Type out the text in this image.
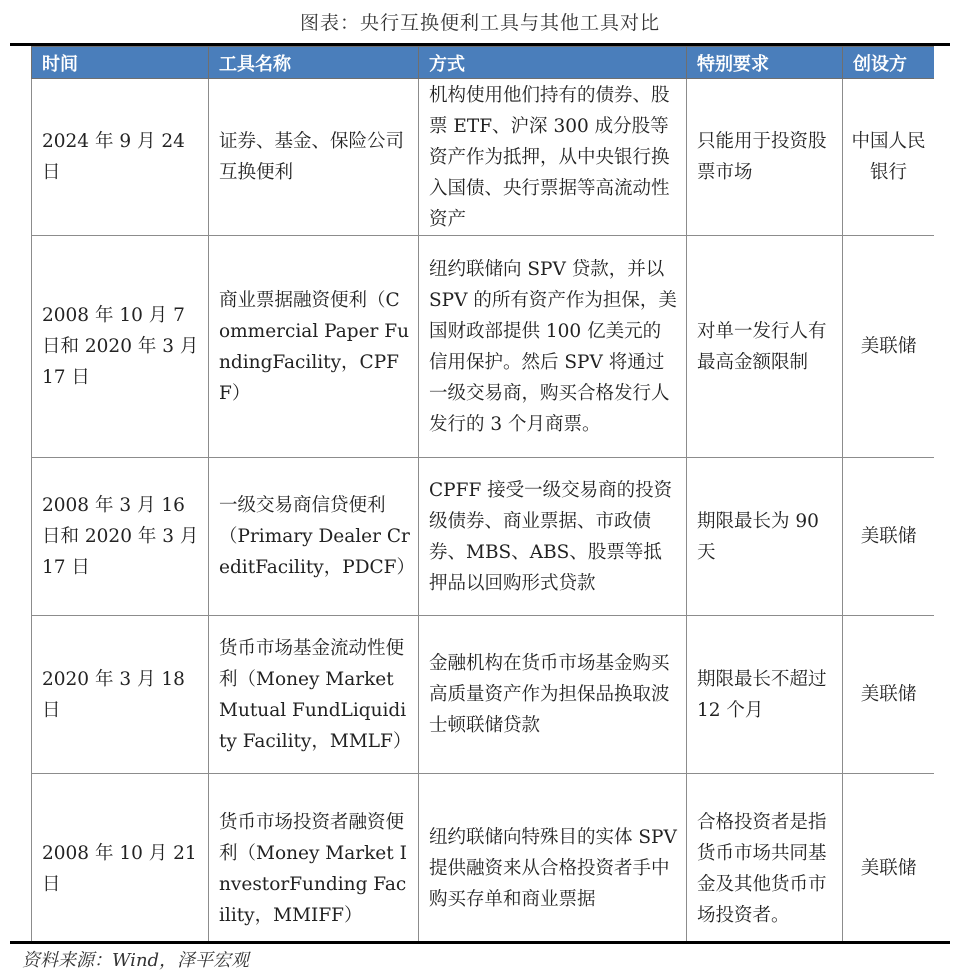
图表：央行互换便利工具与其他工具对比
时间	工具名称	方式	特别要求	创设方
2024 年 9 月 24 日	证券、基金、保险公司互换便利	机构使用他们持有的债券、股票 ETF、沪深 300 成分股等资产作为抵押，从中央银行换入国债、央行票据等高流动性资产	只能用于投资股票市场	中国人民银行
2008 年 10 月 7 日和 2020 年 3 月 17 日	商业票据融资便利（Commercial Paper FundingFacility，CPFF）	纽约联储向 SPV 贷款，并以 SPV 的所有资产作为担保，美国财政部提供 100 亿美元的信用保护。然后 SPV 将通过一级交易商，购买合格发行人发行的 3 个月商票。	对单一发行人有最高金额限制	美联储
2008 年 3 月 16 日和 2020 年 3 月 17 日	一级交易商信贷便利（Primary Dealer CreditFacility，PDCF）	CPFF 接受一级交易商的投资级债券、商业票据、市政债券、MBS、ABS、股票等抵押品以回购形式贷款	期限最长为 90 天	美联储
2020 年 3 月 18 日	货币市场基金流动性便利（Money Market Mutual FundLiquidity Facility，MMLF）	金融机构在货币市场基金购买高质量资产作为担保品换取波士顿联储贷款	期限最长不超过 12 个月	美联储
2008 年 10 月 21 日	货币市场投资者融资便利（Money Market InvestorFunding Facility，MMIFF）	纽约联储向特殊目的实体 SPV 提供融资来从合格投资者手中购买存单和商业票据	合格投资者是指货币市场共同基金及其他货币市场投资者。	美联储
资料来源：Wind，泽平宏观
